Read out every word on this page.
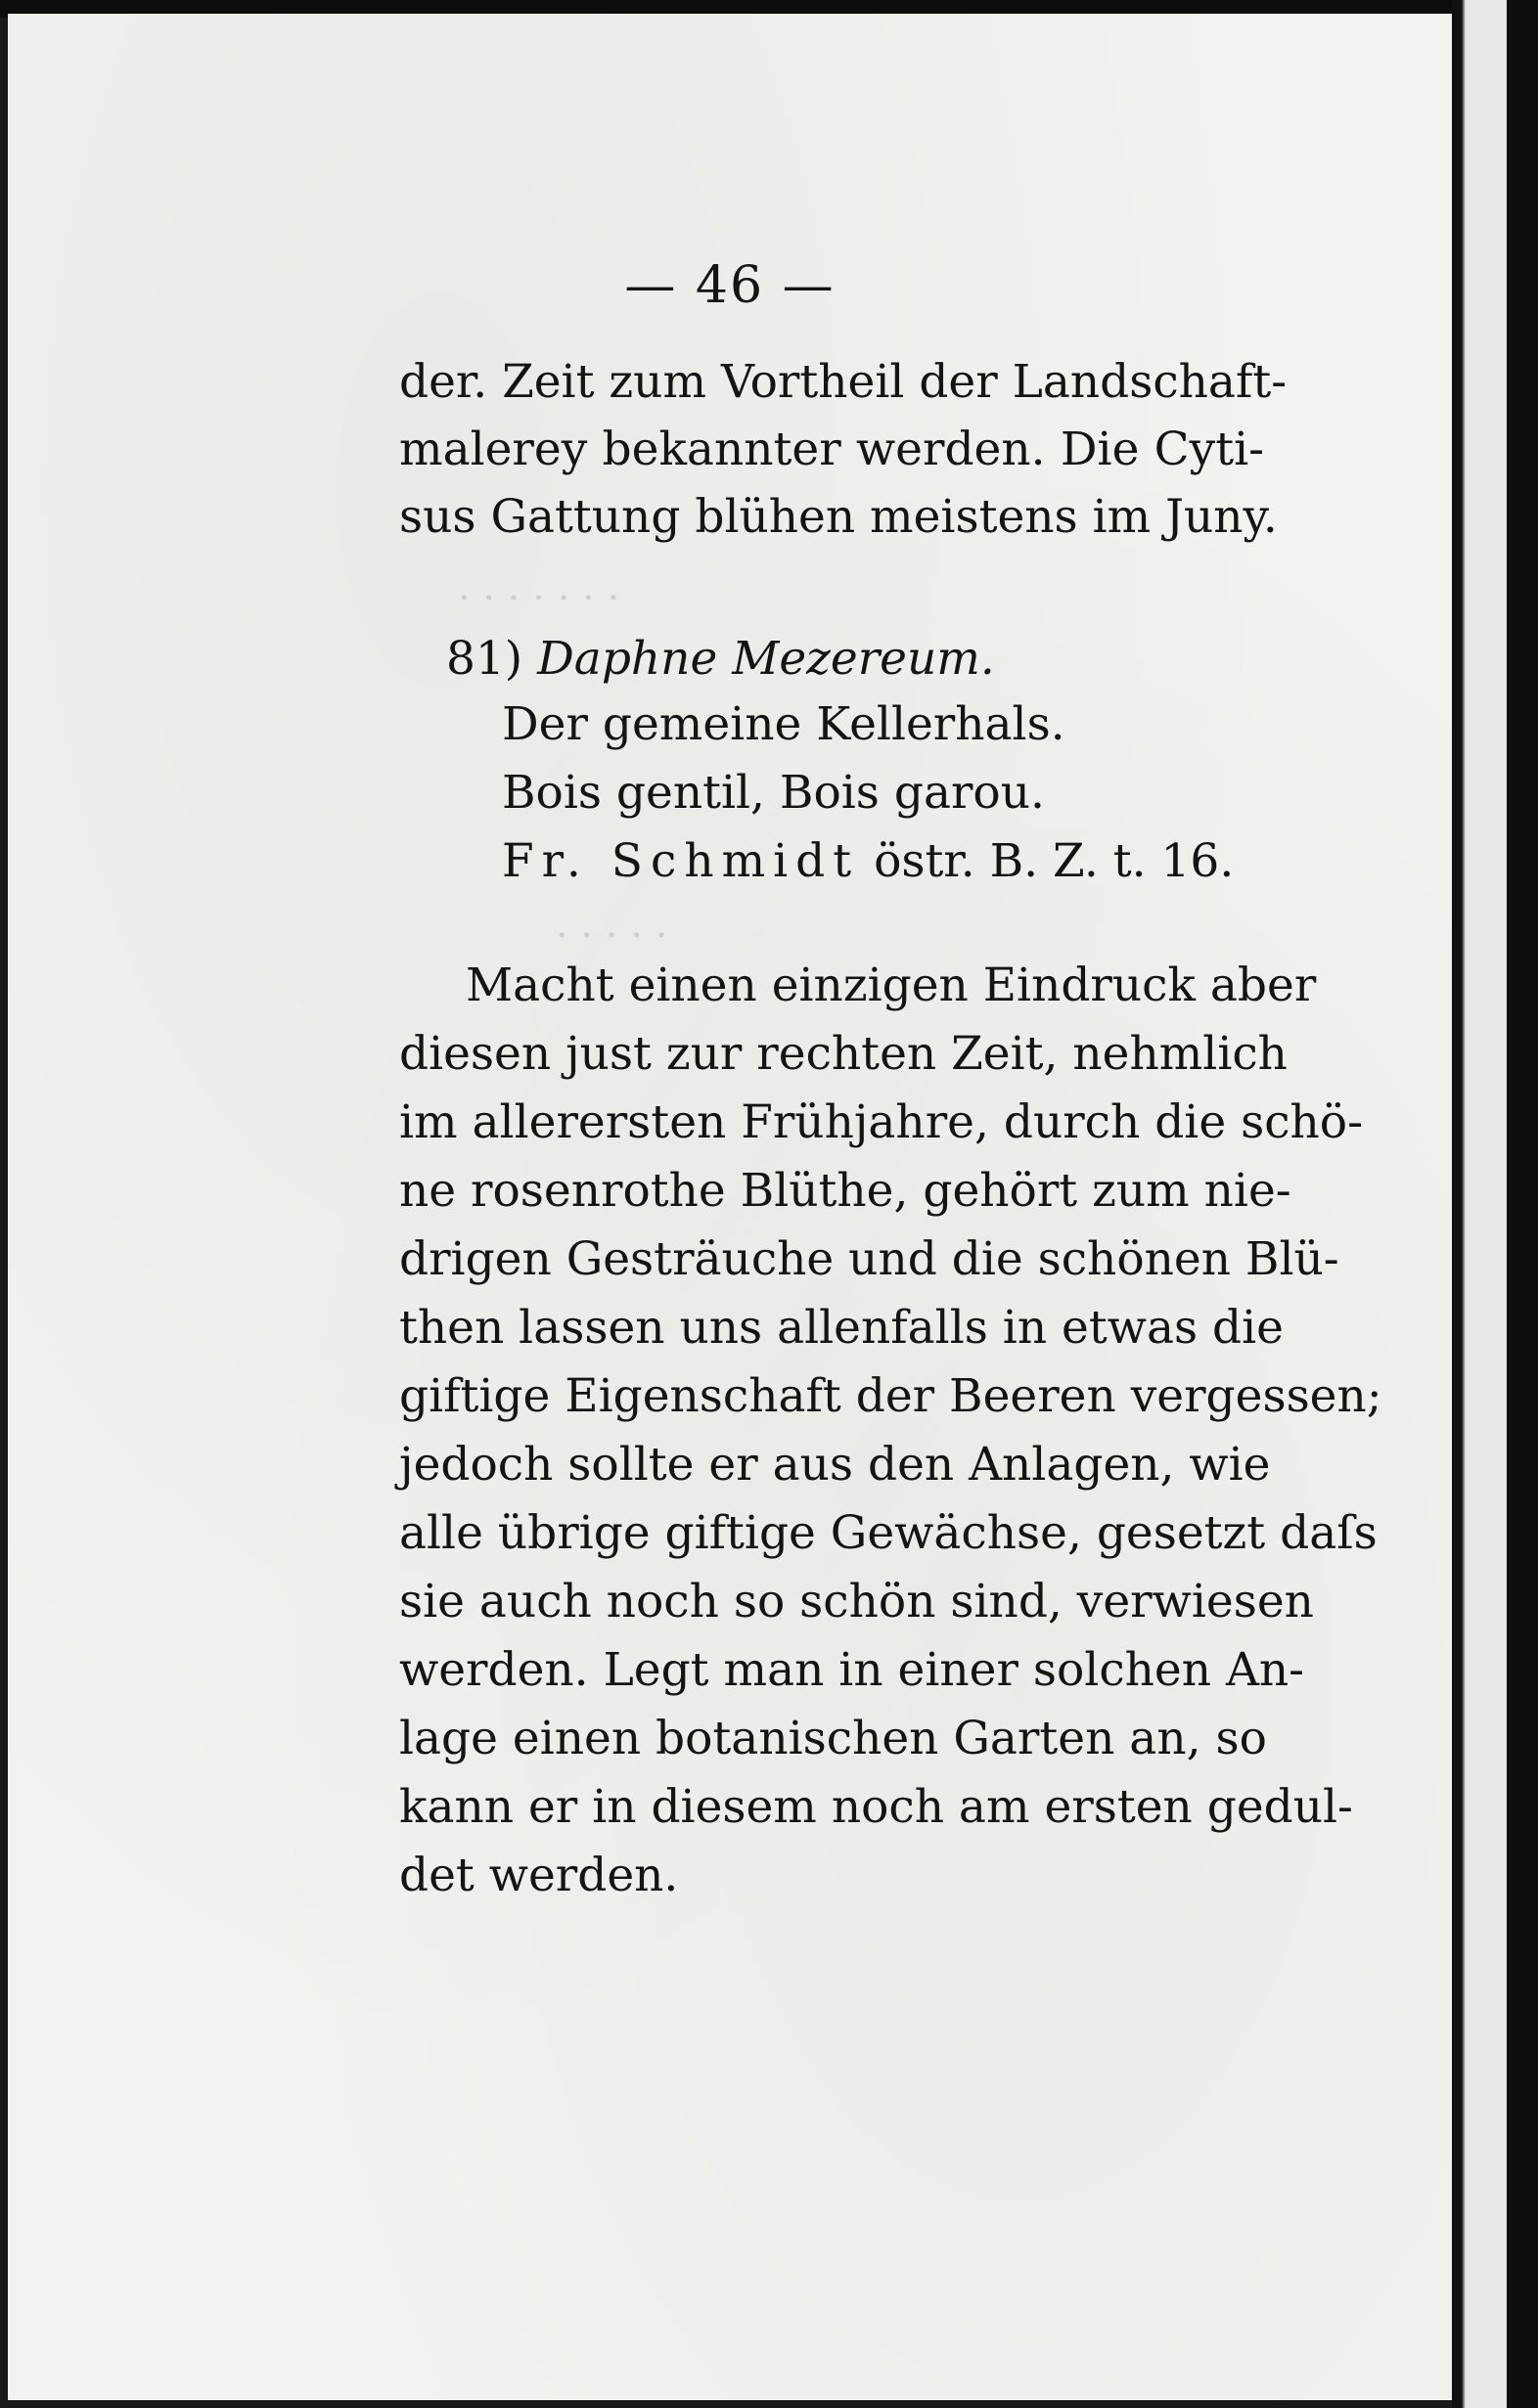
· · · · · · ·
· · · · ·
— 46 —
der. Zeit zum Vortheil der Landschaft-
malerey bekannter werden. Die Cyti-
sus Gattung blühen meistens im Juny.
81) Daphne Mezereum.
Der gemeine Kellerhals.
Bois gentil, Bois garou.
Fr. Schmidt östr. B. Z. t. 16.
Macht einen einzigen Eindruck aber
diesen just zur rechten Zeit, nehmlich
im allerersten Frühjahre, durch die schö-
ne rosenrothe Blüthe, gehört zum nie-
drigen Gesträuche und die schönen Blü-
then lassen uns allenfalls in etwas die
giftige Eigenschaft der Beeren vergessen;
jedoch sollte er aus den Anlagen, wie
alle übrige giftige Gewächse, gesetzt daſs
sie auch noch so schön sind, verwiesen
werden. Legt man in einer solchen An-
lage einen botanischen Garten an, so
kann er in diesem noch am ersten gedul-
det werden.
